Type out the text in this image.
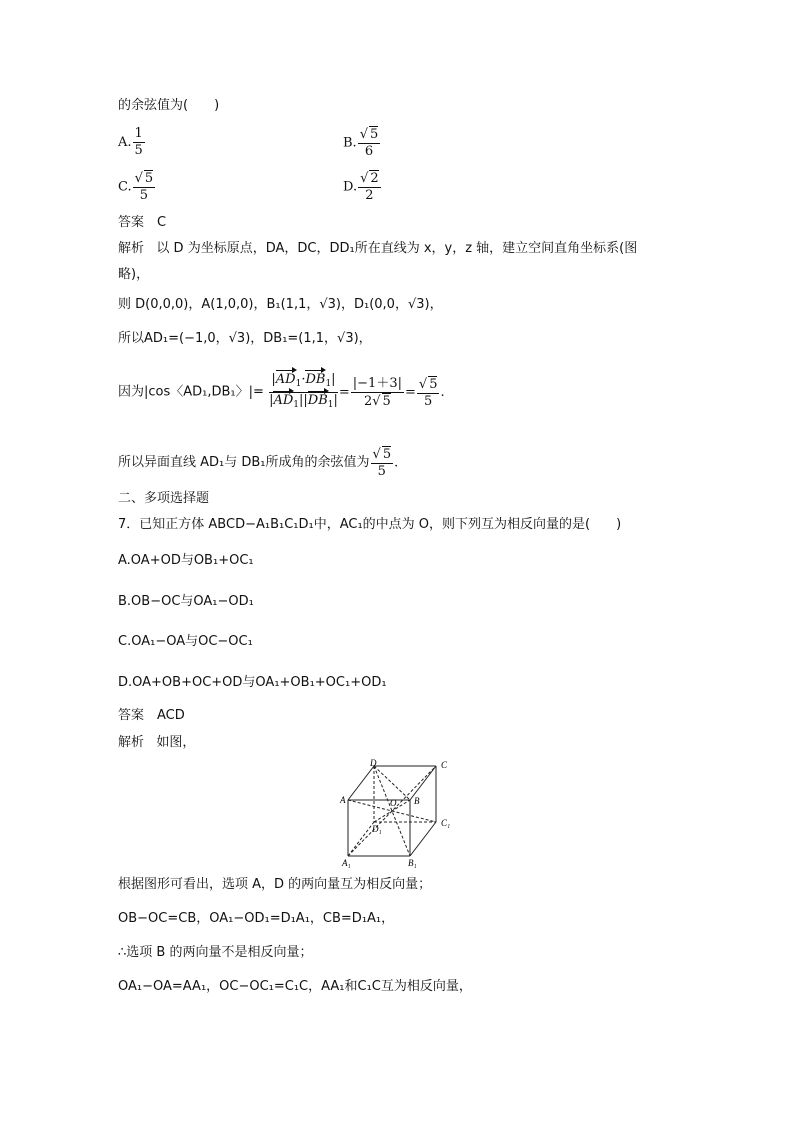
的余弦值为(　　)
A. $\frac{1}{5}$	B. $\frac{√ 5}{6}$
C. $\frac{√ 5}{5}$	D. $\frac{√ 2}{2}$
答案　C
解析 以 D 为坐标原点，DA，DC，DD₁所在直线为 x，y，z 轴，建立空间直角坐标系(图
略)，
则 D(0,0,0)，A(1,0,0)，B₁(1,1，√3)，D₁(0,0，√3)，
所以AD₁=(−1,0，√3)，DB₁=(1,1，√3)，
因为|cos〈AD₁,DB₁〉|= $\frac{|AD_1\cdot DB_1|}{|AD_1||DB_1|} = \frac{|-1+3|}{2√ 5} = \frac{√ 5}{5}$ .
所以异面直线 AD₁与 DB₁所成角的余弦值为 $\frac{√ 5}{5}$ .
二、多项选择题
7．已知正方体 ABCD−A₁B₁C₁D₁中，AC₁的中点为 O，则下列互为相反向量的是(　　)
A.OA+OD与OB₁+OC₁
B.OB−OC与OA₁−OD₁
C.OA₁−OA与OC−OC₁
D.OA+OB+OC+OD与OA₁+OB₁+OC₁+OD₁
答案　ACD
解析 如图，
D	C
A	B
O
D₁
C₁
A₁	B₁
根据图形可看出，选项 A，D 的两向量互为相反向量；
OB−OC=CB，OA₁−OD₁=D₁A₁，CB=D₁A₁，
∴选项 B 的两向量不是相反向量；
OA₁−OA=AA₁，OC−OC₁=C₁C，AA₁和C₁C互为相反向量，
